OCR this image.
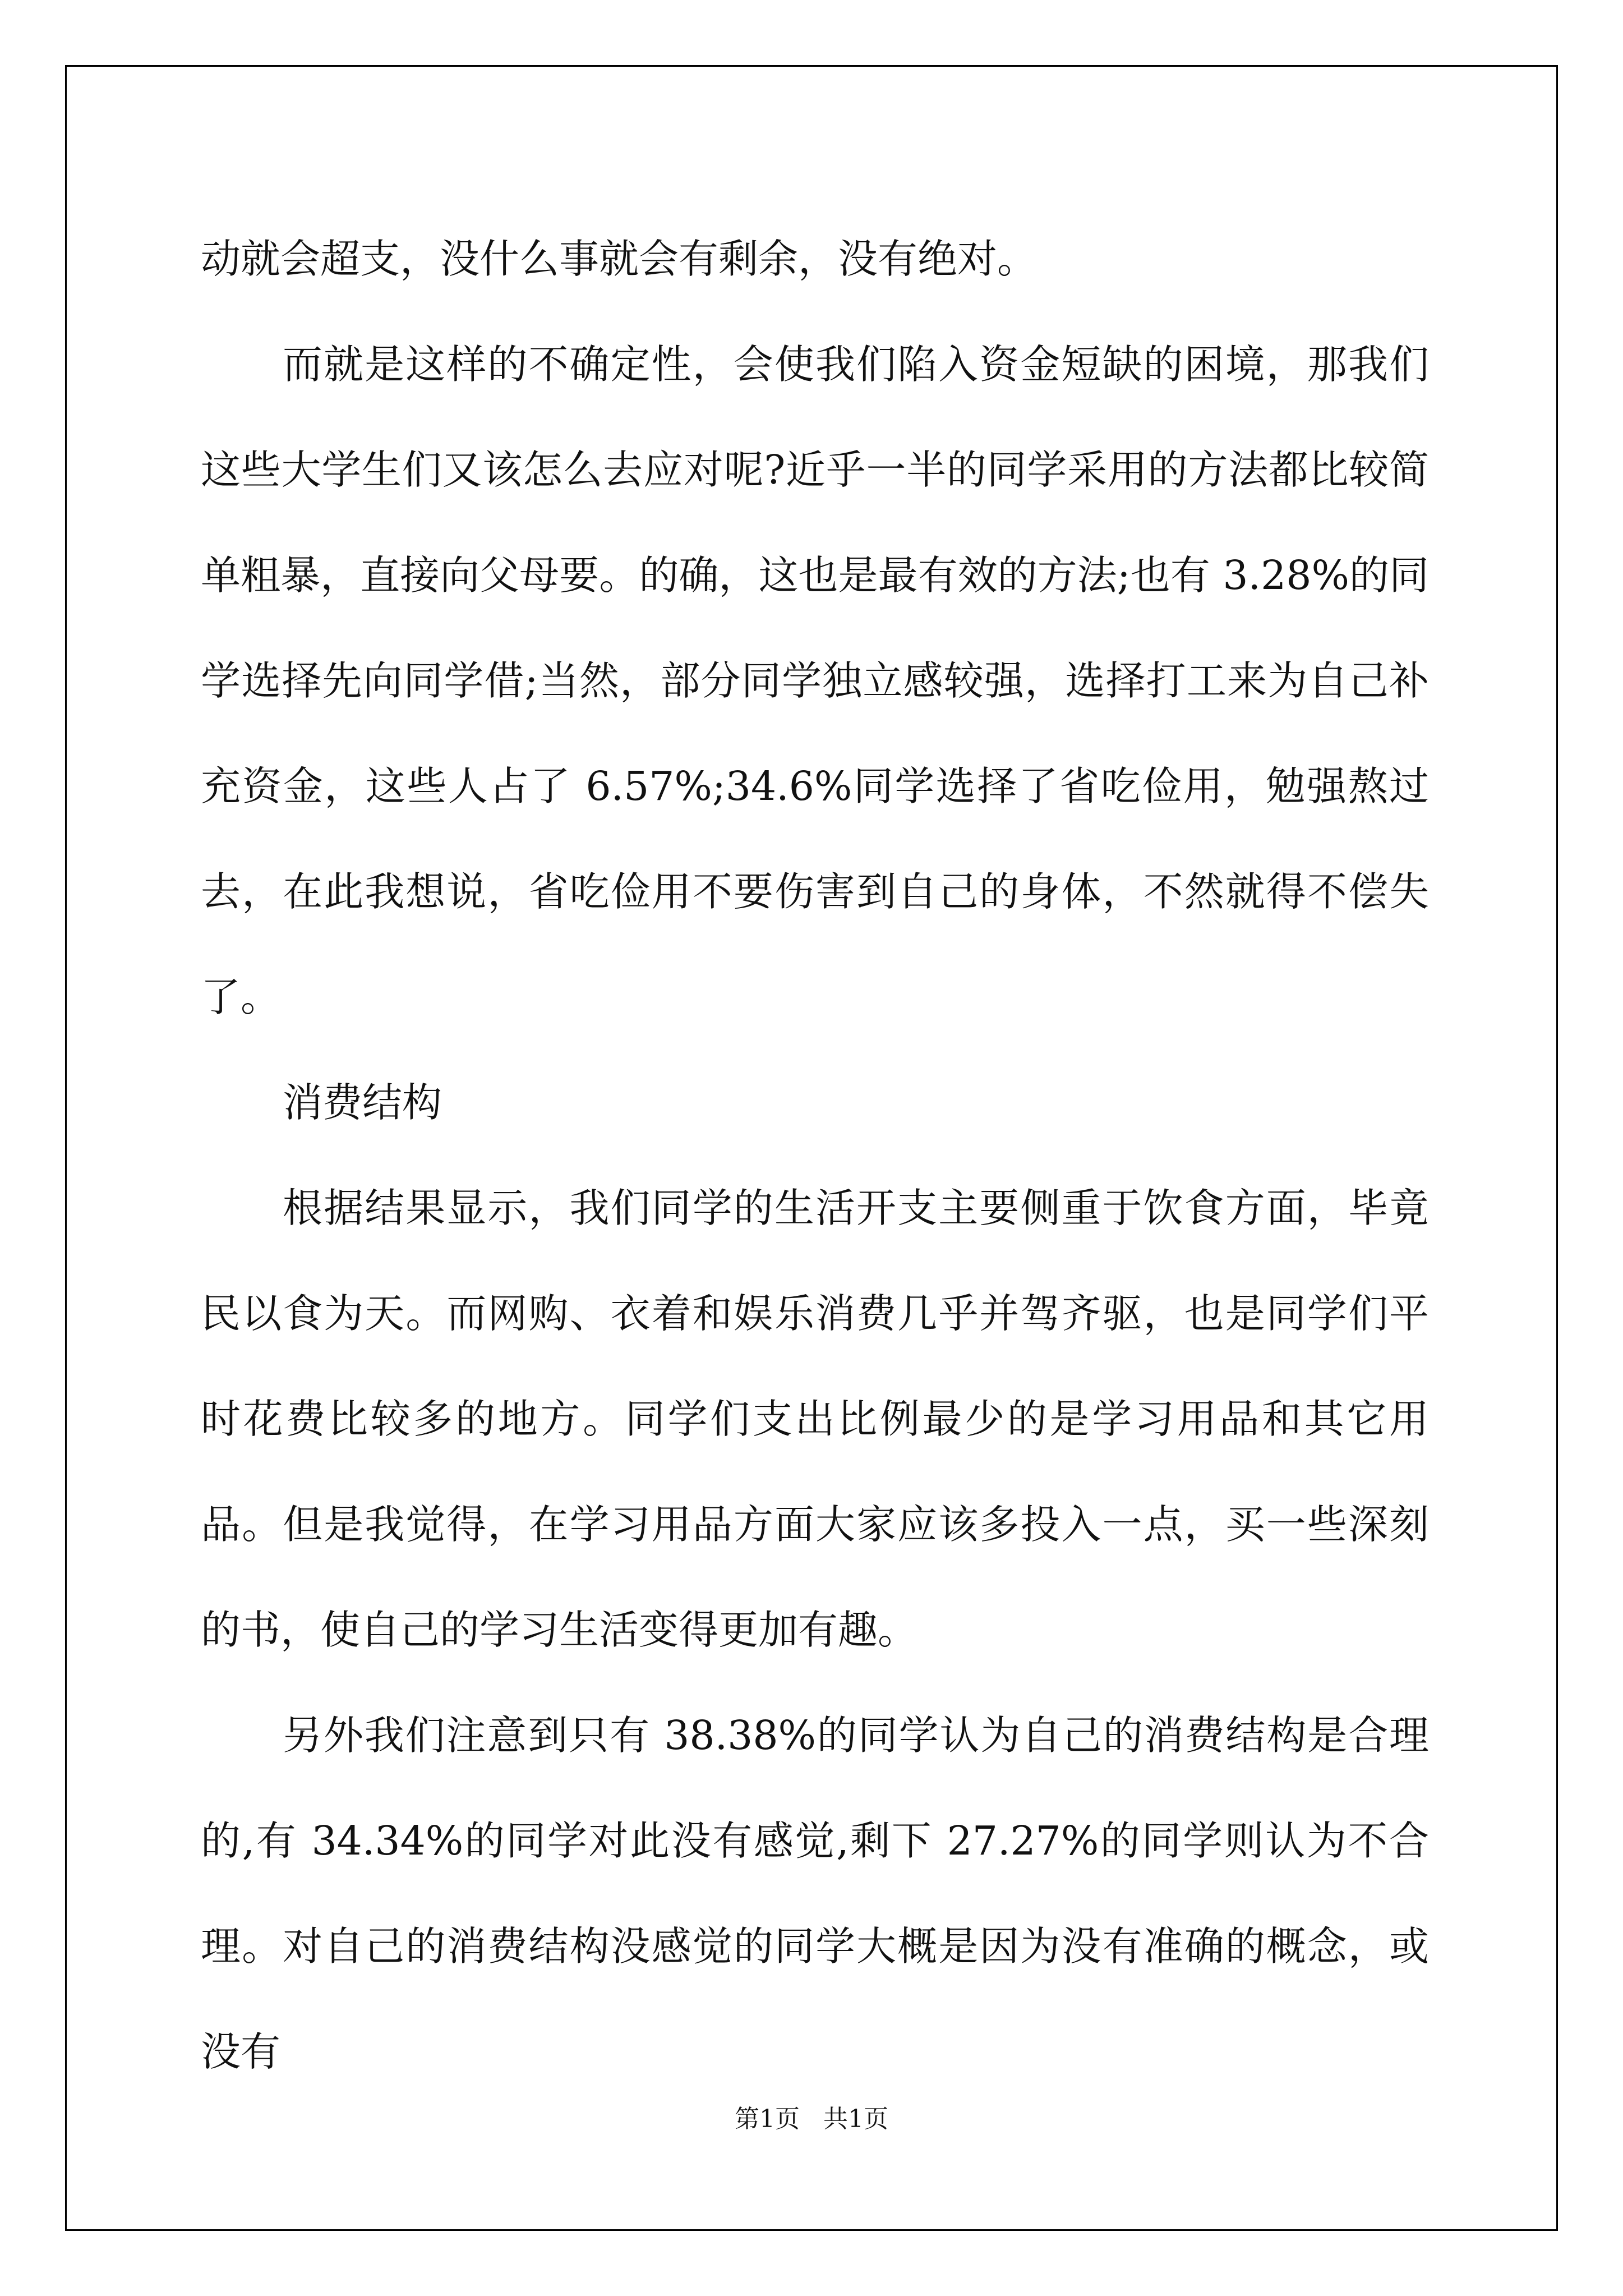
动就会超支，没什么事就会有剩余，没有绝对。

而就是这样的不确定性，会使我们陷入资金短缺的困境，那我们这些大学生们又该怎么去应对呢?近乎一半的同学采用的方法都比较简单粗暴，直接向父母要。的确，这也是最有效的方法;也有 3.28%的同学选择先向同学借;当然，部分同学独立感较强，选择打工来为自己补充资金，这些人占了 6.57%;34.6%同学选择了省吃俭用，勉强熬过去，在此我想说，省吃俭用不要伤害到自己的身体，不然就得不偿失了。

消费结构

根据结果显示，我们同学的生活开支主要侧重于饮食方面，毕竟民以食为天。而网购、衣着和娱乐消费几乎并驾齐驱，也是同学们平时花费比较多的地方。同学们支出比例最少的是学习用品和其它用品。但是我觉得，在学习用品方面大家应该多投入一点，买一些深刻的书，使自己的学习生活变得更加有趣。

另外我们注意到只有 38.38%的同学认为自己的消费结构是合理的,有 34.34%的同学对此没有感觉,剩下 27.27%的同学则认为不合理。对自己的消费结构没感觉的同学大概是因为没有准确的概念，或没有

第1页   共1页
